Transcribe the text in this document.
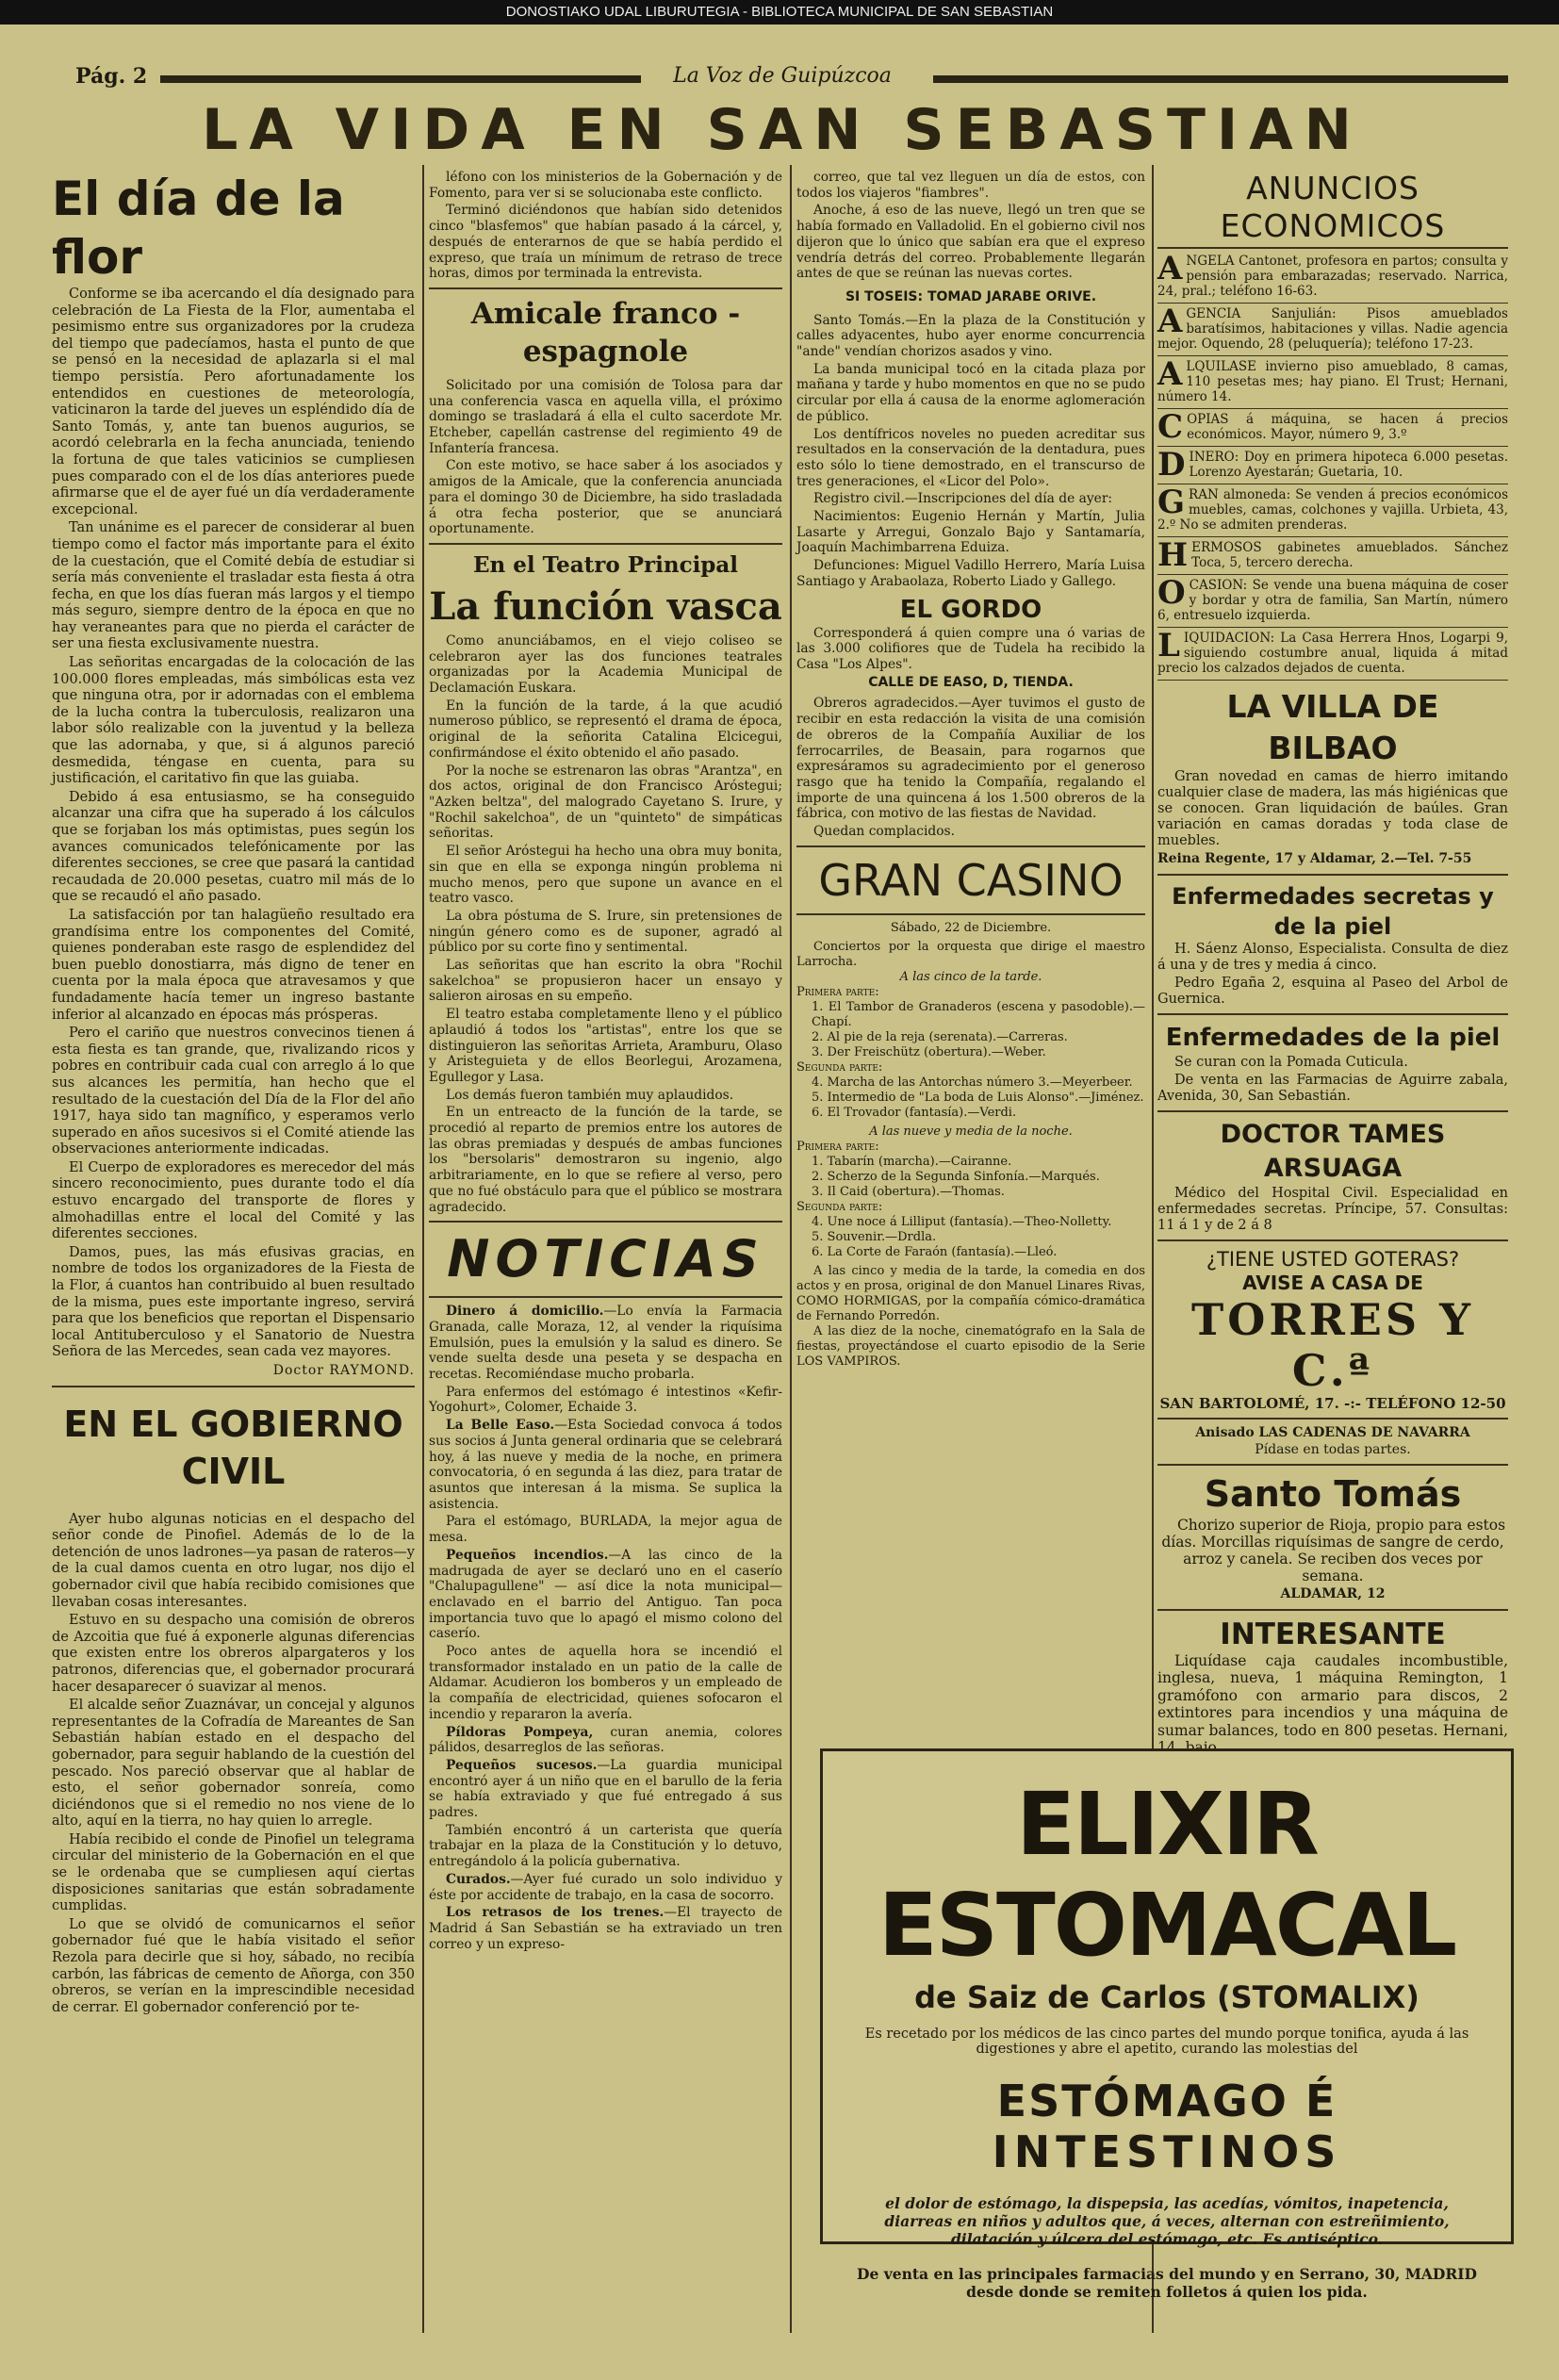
DONOSTIAKO UDAL LIBURUTEGIA - BIBLIOTECA MUNICIPAL DE SAN SEBASTIAN
Pág. 2	La Voz de Guipúzcoa
LA VIDA EN SAN SEBASTIAN
El día de la flor

Conforme se iba acercando el día designado para celebración de La Fiesta de la Flor, aumentaba el pesimismo entre sus organizadores por la crudeza del tiempo que padecíamos, hasta el punto de que se pensó en la necesidad de aplazarla si el mal tiempo persistía. Pero afortunadamente los entendidos en cuestiones de meteorología, vaticinaron la tarde del jueves un espléndido día de Santo Tomás, y, ante tan buenos augurios, se acordó celebrarla en la fecha anunciada, teniendo la fortuna de que tales vaticinios se cumpliesen pues comparado con el de los días anteriores puede afirmarse que el de ayer fué un día verdaderamente excepcional.

Tan unánime es el parecer de considerar al buen tiempo como el factor más importante para el éxito de la cuestación, que el Comité debía de estudiar si sería más conveniente el trasladar esta fiesta á otra fecha, en que los días fueran más largos y el tiempo más seguro, siempre dentro de la época en que no hay veraneantes para que no pierda el carácter de ser una fiesta exclusivamente nuestra.

Las señoritas encargadas de la colocación de las 100.000 flores empleadas, más simbólicas esta vez que ninguna otra, por ir adornadas con el emblema de la lucha contra la tuberculosis, realizaron una labor sólo realizable con la juventud y la belleza que las adornaba, y que, si á algunos pareció desmedida, téngase en cuenta, para su justificación, el caritativo fin que las guiaba.

Debido á esa entusiasmo, se ha conseguido alcanzar una cifra que ha superado á los cálculos que se forjaban los más optimistas, pues según los avances comunicados telefónicamente por las diferentes secciones, se cree que pasará la cantidad recaudada de 20.000 pesetas, cuatro mil más de lo que se recaudó el año pasado.

La satisfacción por tan halagüeño resultado era grandísima entre los componentes del Comité, quienes ponderaban este rasgo de esplendidez del buen pueblo donostiarra, más digno de tener en cuenta por la mala época que atravesamos y que fundadamente hacía temer un ingreso bastante inferior al alcanzado en épocas más prósperas.

Pero el cariño que nuestros convecinos tienen á esta fiesta es tan grande, que, rivalizando ricos y pobres en contribuir cada cual con arreglo á lo que sus alcances les permitía, han hecho que el resultado de la cuestación del Día de la Flor del año 1917, haya sido tan magnífico, y esperamos verlo superado en años sucesivos si el Comité atiende las observaciones anteriormente indicadas.

El Cuerpo de exploradores es merecedor del más sincero reconocimiento, pues durante todo el día estuvo encargado del transporte de flores y almohadillas entre el local del Comité y las diferentes secciones.

Damos, pues, las más efusivas gracias, en nombre de todos los organizadores de la Fiesta de la Flor, á cuantos han contribuido al buen resultado de la misma, pues este importante ingreso, servirá para que los beneficios que reportan el Dispensario local Antituberculoso y el Sanatorio de Nuestra Señora de las Mercedes, sean cada vez mayores.

Doctor RAYMOND.
EN EL GOBIERNO CIVIL

Ayer hubo algunas noticias en el despacho del señor conde de Pinofiel. Además de lo de la detención de unos ladrones—ya pasan de rateros—y de la cual damos cuenta en otro lugar, nos dijo el gobernador civil que había recibido comisiones que llevaban cosas interesantes.

Estuvo en su despacho una comisión de obreros de Azcoitia que fué á exponerle algunas diferencias que existen entre los obreros alpargateros y los patronos, diferencias que, el gobernador procurará hacer desaparecer ó suavizar al menos.

El alcalde señor Zuaznávar, un concejal y algunos representantes de la Cofradía de Mareantes de San Sebastián habían estado en el despacho del gobernador, para seguir hablando de la cuestión del pescado. Nos pareció observar que al hablar de esto, el señor gobernador sonreía, como diciéndonos que si el remedio no nos viene de lo alto, aquí en la tierra, no hay quien lo arregle.

Había recibido el conde de Pinofiel un telegrama circular del ministerio de la Gobernación en el que se le ordenaba que se cumpliesen aquí ciertas disposiciones sanitarias que están sobradamente cumplidas.

Lo que se olvidó de comunicarnos el señor gobernador fué que le había visitado el señor Rezola para decirle que si hoy, sábado, no recibía carbón, las fábricas de cemento de Añorga, con 350 obreros, se verían en la imprescindible necesidad de cerrar. El gobernador conferenció por te-

léfono con los ministerios de la Gobernación y de Fomento, para ver si se solucionaba este conflicto.

Terminó diciéndonos que habían sido detenidos cinco "blasfemos" que habían pasado á la cárcel, y, después de enterarnos de que se había perdido el expreso, que traía un mínimum de retraso de trece horas, dimos por terminada la entrevista.

Amicale franco - espagnole

Solicitado por una comisión de Tolosa para dar una conferencia vasca en aquella villa, el próximo domingo se trasladará á ella el culto sacerdote Mr. Etcheber, capellán castrense del regimiento 49 de Infantería francesa.

Con este motivo, se hace saber á los asociados y amigos de la Amicale, que la conferencia anunciada para el domingo 30 de Diciembre, ha sido trasladada á otra fecha posterior, que se anunciará oportunamente.

En el Teatro Principal
La función vasca

Como anunciábamos, en el viejo coliseo se celebraron ayer las dos funciones teatrales organizadas por la Academia Municipal de Declamación Euskara.

En la función de la tarde, á la que acudió numeroso público, se representó el drama de época, original de la señorita Catalina Elcicegui, confirmándose el éxito obtenido el año pasado.

Por la noche se estrenaron las obras "Arantza", en dos actos, original de don Francisco Aróstegui; "Azken beltza", del malogrado Cayetano S. Irure, y "Rochil sakelchoa", de un "quinteto" de simpáticas señoritas.

El señor Aróstegui ha hecho una obra muy bonita, sin que en ella se exponga ningún problema ni mucho menos, pero que supone un avance en el teatro vasco.

La obra póstuma de S. Irure, sin pretensiones de ningún género como es de suponer, agradó al público por su corte fino y sentimental.

Las señoritas que han escrito la obra "Rochil sakelchoa" se propusieron hacer un ensayo y salieron airosas en su empeño.

El teatro estaba completamente lleno y el público aplaudió á todos los "artistas", entre los que se distinguieron las señoritas Arrieta, Aramburu, Olaso y Aristeguieta y de ellos Beorlegui, Arozamena, Egullegor y Lasa.

Los demás fueron también muy aplaudidos.

En un entreacto de la función de la tarde, se procedió al reparto de premios entre los autores de las obras premiadas y después de ambas funciones los "bersolaris" demostraron su ingenio, algo arbitrariamente, en lo que se refiere al verso, pero que no fué obstáculo para que el público se mostrara agradecido.

NOTICIAS

Dinero á domicilio.—Lo envía la Farmacia Granada, calle Moraza, 12, al vender la riquísima Emulsión, pues la emulsión y la salud es dinero. Se vende suelta desde una peseta y se despacha en recetas. Recomiéndase mucho probarla.

Para enfermos del estómago é intestinos «Kefir-Yogohurt», Colomer, Echaide 3.

La Belle Easo.—Esta Sociedad convoca á todos sus socios á Junta general ordinaria que se celebrará hoy, á las nueve y media de la noche, en primera convocatoria, ó en segunda á las diez, para tratar de asuntos que interesan á la misma. Se suplica la asistencia.

Para el estómago, BURLADA, la mejor agua de mesa.

Pequeños incendios.—A las cinco de la madrugada de ayer se declaró uno en el caserío "Chalupagullene" — así dice la nota municipal—enclavado en el barrio del Antiguo. Tan poca importancia tuvo que lo apagó el mismo colono del caserío.

Poco antes de aquella hora se incendió el transformador instalado en un patio de la calle de Aldamar. Acudieron los bomberos y un empleado de la compañía de electricidad, quienes sofocaron el incendio y repararon la avería.

Píldoras Pompeya, curan anemia, colores pálidos, desarreglos de las señoras.

Pequeños sucesos.—La guardia municipal encontró ayer á un niño que en el barullo de la feria se había extraviado y que fué entregado á sus padres.

También encontró á un carterista que quería trabajar en la plaza de la Constitución y lo detuvo, entregándolo á la policía gubernativa.

Curados.—Ayer fué curado un solo individuo y éste por accidente de trabajo, en la casa de socorro.

Los retrasos de los trenes.—El trayecto de Madrid á San Sebastián se ha extraviado un tren correo y un expreso-

correo, que tal vez lleguen un día de estos, con todos los viajeros "fiambres".

Anoche, á eso de las nueve, llegó un tren que se había formado en Valladolid. En el gobierno civil nos dijeron que lo único que sabían era que el expreso vendría detrás del correo. Probablemente llegarán antes de que se reúnan las nuevas cortes.

SI TOSEIS: TOMAD JARABE ORIVE.

Santo Tomás.—En la plaza de la Constitución y calles adyacentes, hubo ayer enorme concurrencia "ande" vendían chorizos asados y vino.

La banda municipal tocó en la citada plaza por mañana y tarde y hubo momentos en que no se pudo circular por ella á causa de la enorme aglomeración de público.

Los dentífricos noveles no pueden acreditar sus resultados en la conservación de la dentadura, pues esto sólo lo tiene demostrado, en el transcurso de tres generaciones, el «Licor del Polo».

Registro civil.—Inscripciones del día de ayer:

Nacimientos: Eugenio Hernán y Martín, Julia Lasarte y Arregui, Gonzalo Bajo y Santamaría, Joaquín Machimbarrena Eduiza.

Defunciones: Miguel Vadillo Herrero, María Luisa Santiago y Arabaolaza, Roberto Liado y Gallego.

EL GORDO

Corresponderá á quien compre una ó varias de las 3.000 colifiores que de Tudela ha recibido la Casa "Los Alpes".

CALLE DE EASO, D, TIENDA.

Obreros agradecidos.—Ayer tuvimos el gusto de recibir en esta redacción la visita de una comisión de obreros de la Compañía Auxiliar de los ferrocarriles, de Beasain, para rogarnos que expresáramos su agradecimiento por el generoso rasgo que ha tenido la Compañía, regalando el importe de una quincena á los 1.500 obreros de la fábrica, con motivo de las fiestas de Navidad.

Quedan complacidos.

GRAN CASINO
Sábado, 22 de Diciembre.
Conciertos por la orquesta que dirige el maestro Larrocha.
A las cinco de la tarde.
Primera parte:
1. El Tambor de Granaderos (escena y pasodoble).—Chapí.
2. Al pie de la reja (serenata).—Carreras.
3. Der Freischütz (obertura).—Weber.
Segunda parte:
4. Marcha de las Antorchas número 3.—Meyerbeer.
5. Intermedio de "La boda de Luis Alonso".—Jiménez.
6. El Trovador (fantasía).—Verdi.
A las nueve y media de la noche.
Primera parte:
1. Tabarín (marcha).—Cairanne.
2. Scherzo de la Segunda Sinfonía.—Marqués.
3. Il Caid (obertura).—Thomas.
Segunda parte:
4. Une noce á Lilliput (fantasía).—Theo-Nolletty.
5. Souvenir.—Drdla.
6. La Corte de Faraón (fantasía).—Lleó.
A las cinco y media de la tarde, la comedia en dos actos y en prosa, original de don Manuel Linares Rivas, COMO HORMIGAS, por la compañía cómico-dramática de Fernando Porredón.
A las diez de la noche, cinematógrafo en la Sala de fiestas, proyectándose el cuarto episodio de la Serie LOS VAMPIROS.
ANUNCIOS ECONOMICOS
ANGELA Cantonet, profesora en partos; consulta y pensión para embarazadas; reservado. Narrica, 24, pral.; teléfono 16-63.
AGENCIA Sanjulián: Pisos amueblados baratísimos, habitaciones y villas. Nadie agencia mejor. Oquendo, 28 (peluquería); teléfono 17-23.
ALQUILASE invierno piso amueblado, 8 camas, 110 pesetas mes; hay piano. El Trust; Hernani, número 14.
COPIAS á máquina, se hacen á precios económicos. Mayor, número 9, 3.º
DINERO: Doy en primera hipoteca 6.000 pesetas. Lorenzo Ayestarán; Guetaria, 10.
GRAN almoneda: Se venden á precios económicos muebles, camas, colchones y vajilla. Urbieta, 43, 2.º No se admiten prenderas.
HERMOSOS gabinetes amueblados. Sánchez Toca, 5, tercero derecha.
OCASION: Se vende una buena máquina de coser y bordar y otra de familia, San Martín, número 6, entresuelo izquierda.
LIQUIDACION: La Casa Herrera Hnos, Logarpi 9, siguiendo costumbre anual, liquida á mitad precio los calzados dejados de cuenta.
LA VILLA DE BILBAO

Gran novedad en camas de hierro imitando cualquier clase de madera, las más higiénicas que se conocen. Gran liquidación de baúles. Gran variación en camas doradas y toda clase de muebles.

Reina Regente, 17 y Aldamar, 2.—Tel. 7-55
Enfermedades secretas y de la piel

H. Sáenz Alonso, Especialista. Consulta de diez á una y de tres y media á cinco.

Pedro Egaña 2, esquina al Paseo del Arbol de Guernica.

Enfermedades de la piel

Se curan con la Pomada Cuticula.

De venta en las Farmacias de Aguirre zabala, Avenida, 30, San Sebastián.

DOCTOR TAMES ARSUAGA

Médico del Hospital Civil. Especialidad en enfermedades secretas. Príncipe, 57. Consultas: 11 á 1 y de 2 á 8

¿TIENE USTED GOTERAS?
AVISE A CASA DE
TORRES Y C.ª
SAN BARTOLOMÉ, 17. -:- TELÉFONO 12-50
Anisado LAS CADENAS DE NAVARRA
Pídase en todas partes.
Santo Tomás

Chorizo superior de Rioja, propio para estos días. Morcillas riquísimas de sangre de cerdo, arroz y canela. Se reciben dos veces por semana.

ALDAMAR, 12
INTERESANTE

Liquídase caja caudales incombustible, inglesa, nueva, 1 máquina Remington, 1 gramófono con armario para discos, 2 extintores para incendios y una máquina de sumar balances, todo en 800 pesetas. Hernani,

ELIXIR ESTOMACAL
de Saiz de Carlos (STOMALIX)
Es recetado por los médicos de las cinco partes del mundo porque tonifica, ayuda á las digestiones y abre el apetito, curando las molestias del
ESTÓMAGO É
INTESTINOS
el dolor de estómago, la dispepsia, las acedías, vómitos, inapetencia, diarreas en niños y adultos que, á veces, alternan con estreñimiento, dilatación y úlcera del estómago, etc. Es antiséptico.
De venta en las principales farmacias del mundo y en Serrano, 30, MADRID desde donde se remiten folletos á quien los pida.
